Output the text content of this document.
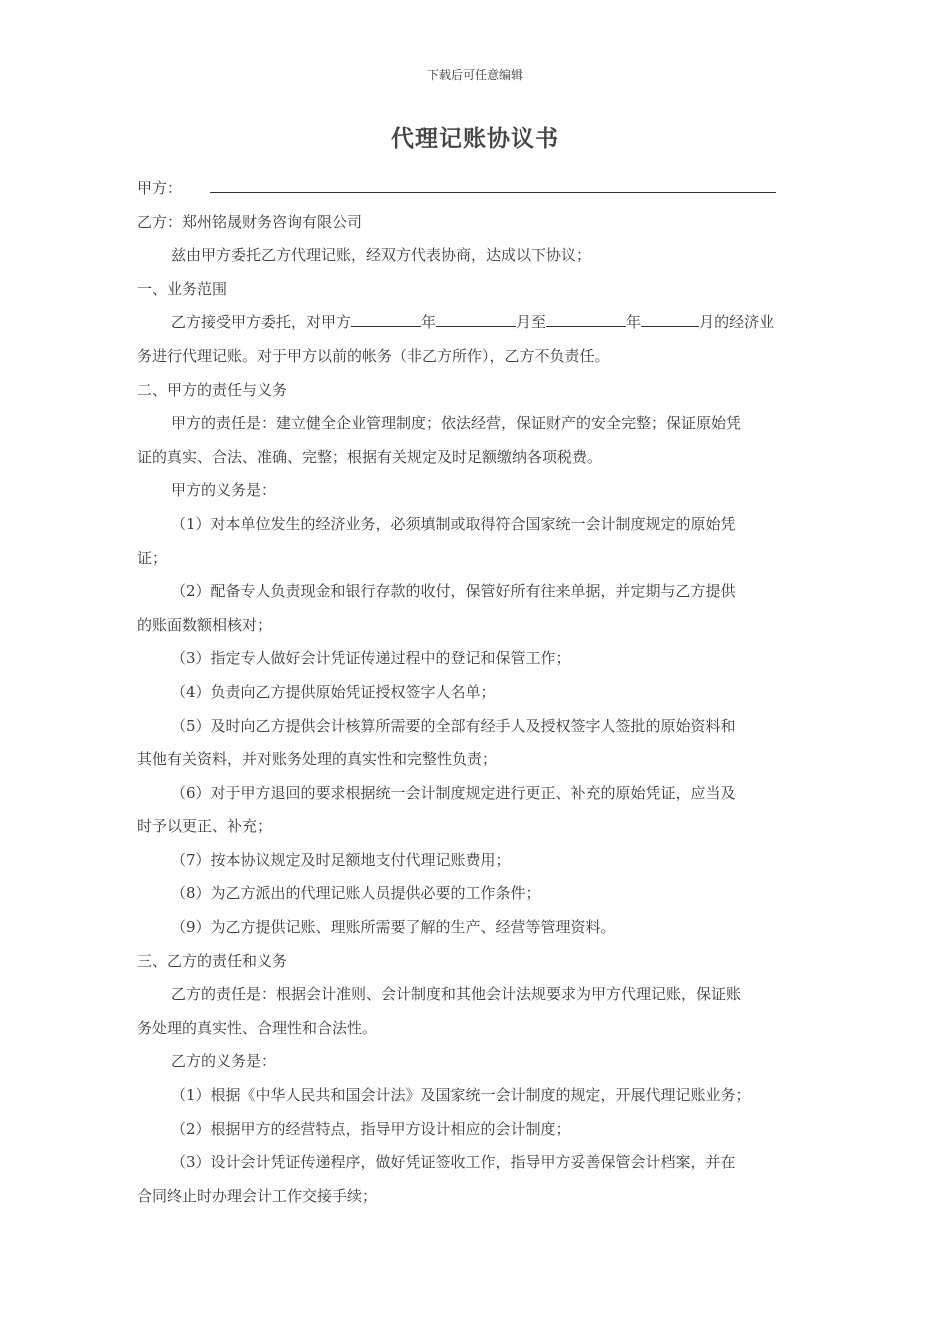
下载后可任意编辑
代理记账协议书
甲方：
乙方：郑州铭晟财务咨询有限公司
兹由甲方委托乙方代理记账，经双方代表协商，达成以下协议；
一、业务范围
乙方接受甲方委托，对甲方	年	月至	年	月的经济业
务进行代理记账。对于甲方以前的帐务（非乙方所作），乙方不负责任。
二、甲方的责任与义务
甲方的责任是：建立健全企业管理制度；依法经营，保证财产的安全完整；保证原始凭
证的真实、合法、准确、完整；根据有关规定及时足额缴纳各项税费。
甲方的义务是：
（1）对本单位发生的经济业务，必须填制或取得符合国家统一会计制度规定的原始凭
证；
（2）配备专人负责现金和银行存款的收付，保管好所有往来单据，并定期与乙方提供
的账面数额相核对；
（3）指定专人做好会计凭证传递过程中的登记和保管工作；
（4）负责向乙方提供原始凭证授权签字人名单；
（5）及时向乙方提供会计核算所需要的全部有经手人及授权签字人签批的原始资料和
其他有关资料，并对账务处理的真实性和完整性负责；
（6）对于甲方退回的要求根据统一会计制度规定进行更正、补充的原始凭证，应当及
时予以更正、补充；
（7）按本协议规定及时足额地支付代理记账费用；
（8）为乙方派出的代理记账人员提供必要的工作条件；
（9）为乙方提供记账、理账所需要了解的生产、经营等管理资料。
三、乙方的责任和义务
乙方的责任是：根据会计准则、会计制度和其他会计法规要求为甲方代理记账，保证账
务处理的真实性、合理性和合法性。
乙方的义务是：
（1）根据《中华人民共和国会计法》及国家统一会计制度的规定，开展代理记账业务；
（2）根据甲方的经营特点，指导甲方设计相应的会计制度；
（3）设计会计凭证传递程序，做好凭证签收工作，指导甲方妥善保管会计档案，并在
合同终止时办理会计工作交接手续；
